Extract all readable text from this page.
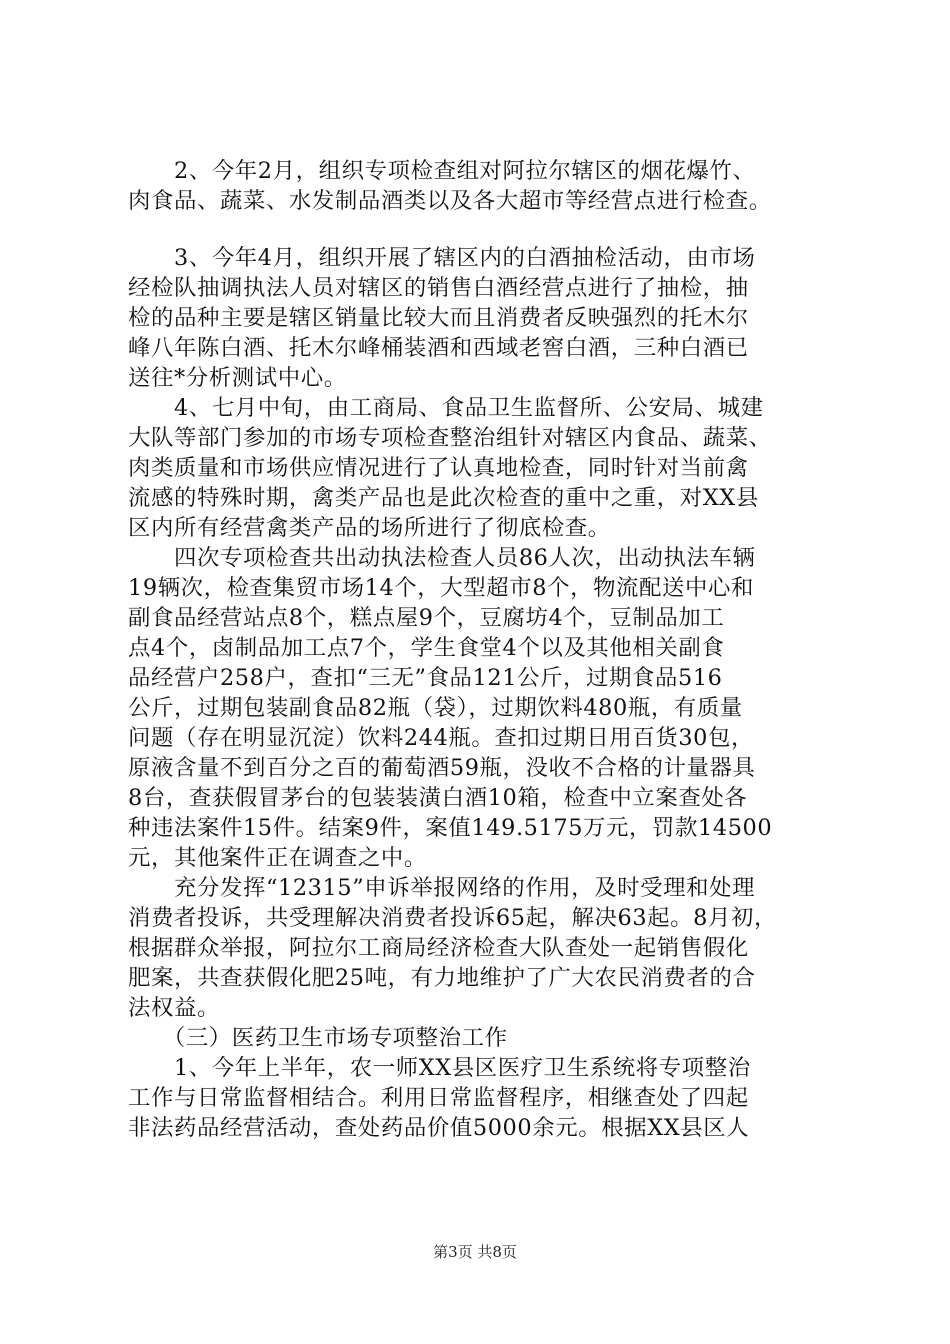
　　2、今年2月，组织专项检查组对阿拉尔辖区的烟花爆竹、
肉食品、蔬菜、水发制品酒类以及各大超市等经营点进行检查。
　　3、今年4月，组织开展了辖区内的白酒抽检活动，由市场
经检队抽调执法人员对辖区的销售白酒经营点进行了抽检，抽
检的品种主要是辖区销量比较大而且消费者反映强烈的托木尔
峰八年陈白酒、托木尔峰桶装酒和西域老窖白酒，三种白酒已
送往*分析测试中心。
　　4、七月中旬，由工商局、食品卫生监督所、公安局、城建
大队等部门参加的市场专项检查整治组针对辖区内食品、蔬菜、
肉类质量和市场供应情况进行了认真地检查，同时针对当前禽
流感的特殊时期，禽类产品也是此次检查的重中之重，对XX县
区内所有经营禽类产品的场所进行了彻底检查。
　　四次专项检查共出动执法检查人员86人次，出动执法车辆
19辆次，检查集贸市场14个，大型超市8个，物流配送中心和
副食品经营站点8个，糕点屋9个，豆腐坊4个，豆制品加工
点4个，卤制品加工点7个，学生食堂4个以及其他相关副食
品经营户258户，查扣“三无”食品121公斤，过期食品516
公斤，过期包装副食品82瓶（袋），过期饮料480瓶，有质量
问题（存在明显沉淀）饮料244瓶。查扣过期日用百货30包，
原液含量不到百分之百的葡萄酒59瓶，没收不合格的计量器具
8台，查获假冒茅台的包装装潢白酒10箱，检查中立案查处各
种违法案件15件。结案9件，案值149.5175万元，罚款14500
元，其他案件正在调查之中。
　　充分发挥“12315”申诉举报网络的作用，及时受理和处理
消费者投诉，共受理解决消费者投诉65起，解决63起。8月初，
根据群众举报，阿拉尔工商局经济检查大队查处一起销售假化
肥案，共查获假化肥25吨，有力地维护了广大农民消费者的合
法权益。
　　（三）医药卫生市场专项整治工作
　　1、今年上半年，农一师XX县区医疗卫生系统将专项整治
工作与日常监督相结合。利用日常监督程序，相继查处了四起
非法药品经营活动，查处药品价值5000余元。根据XX县区人
第3页 共8页
